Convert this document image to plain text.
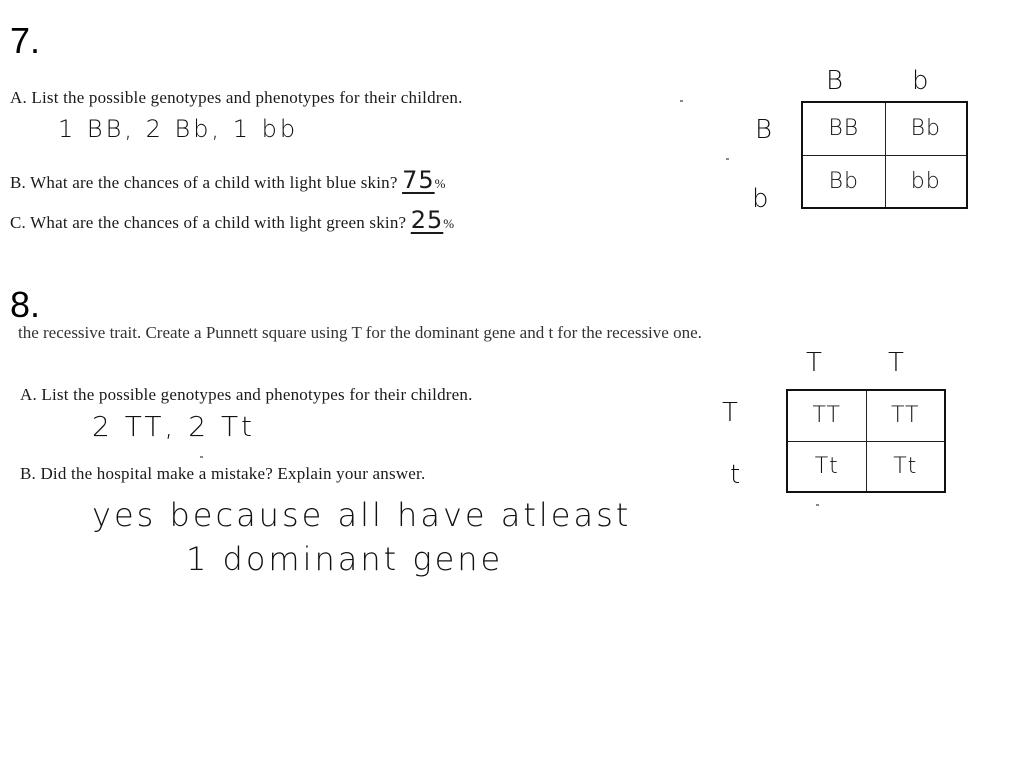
7.
A. List the possible genotypes and phenotypes for their children.
1 BB, 2 Bb, 1 bb
B. What are the chances of a child with light blue skin? 75%
C. What are the chances of a child with light green skin? 25%
B	b
B
b
BB	Bb
Bb	bb
8.
the recessive trait. Create a Punnett square using T for the dominant gene and t for the recessive one.
A. List the possible genotypes and phenotypes for their children.
2 TT, 2 Tt
B. Did the hospital make a mistake? Explain your answer.
yes because all have atleast
1 dominant gene
T	T
T
t
TT	TT
Tt	Tt
